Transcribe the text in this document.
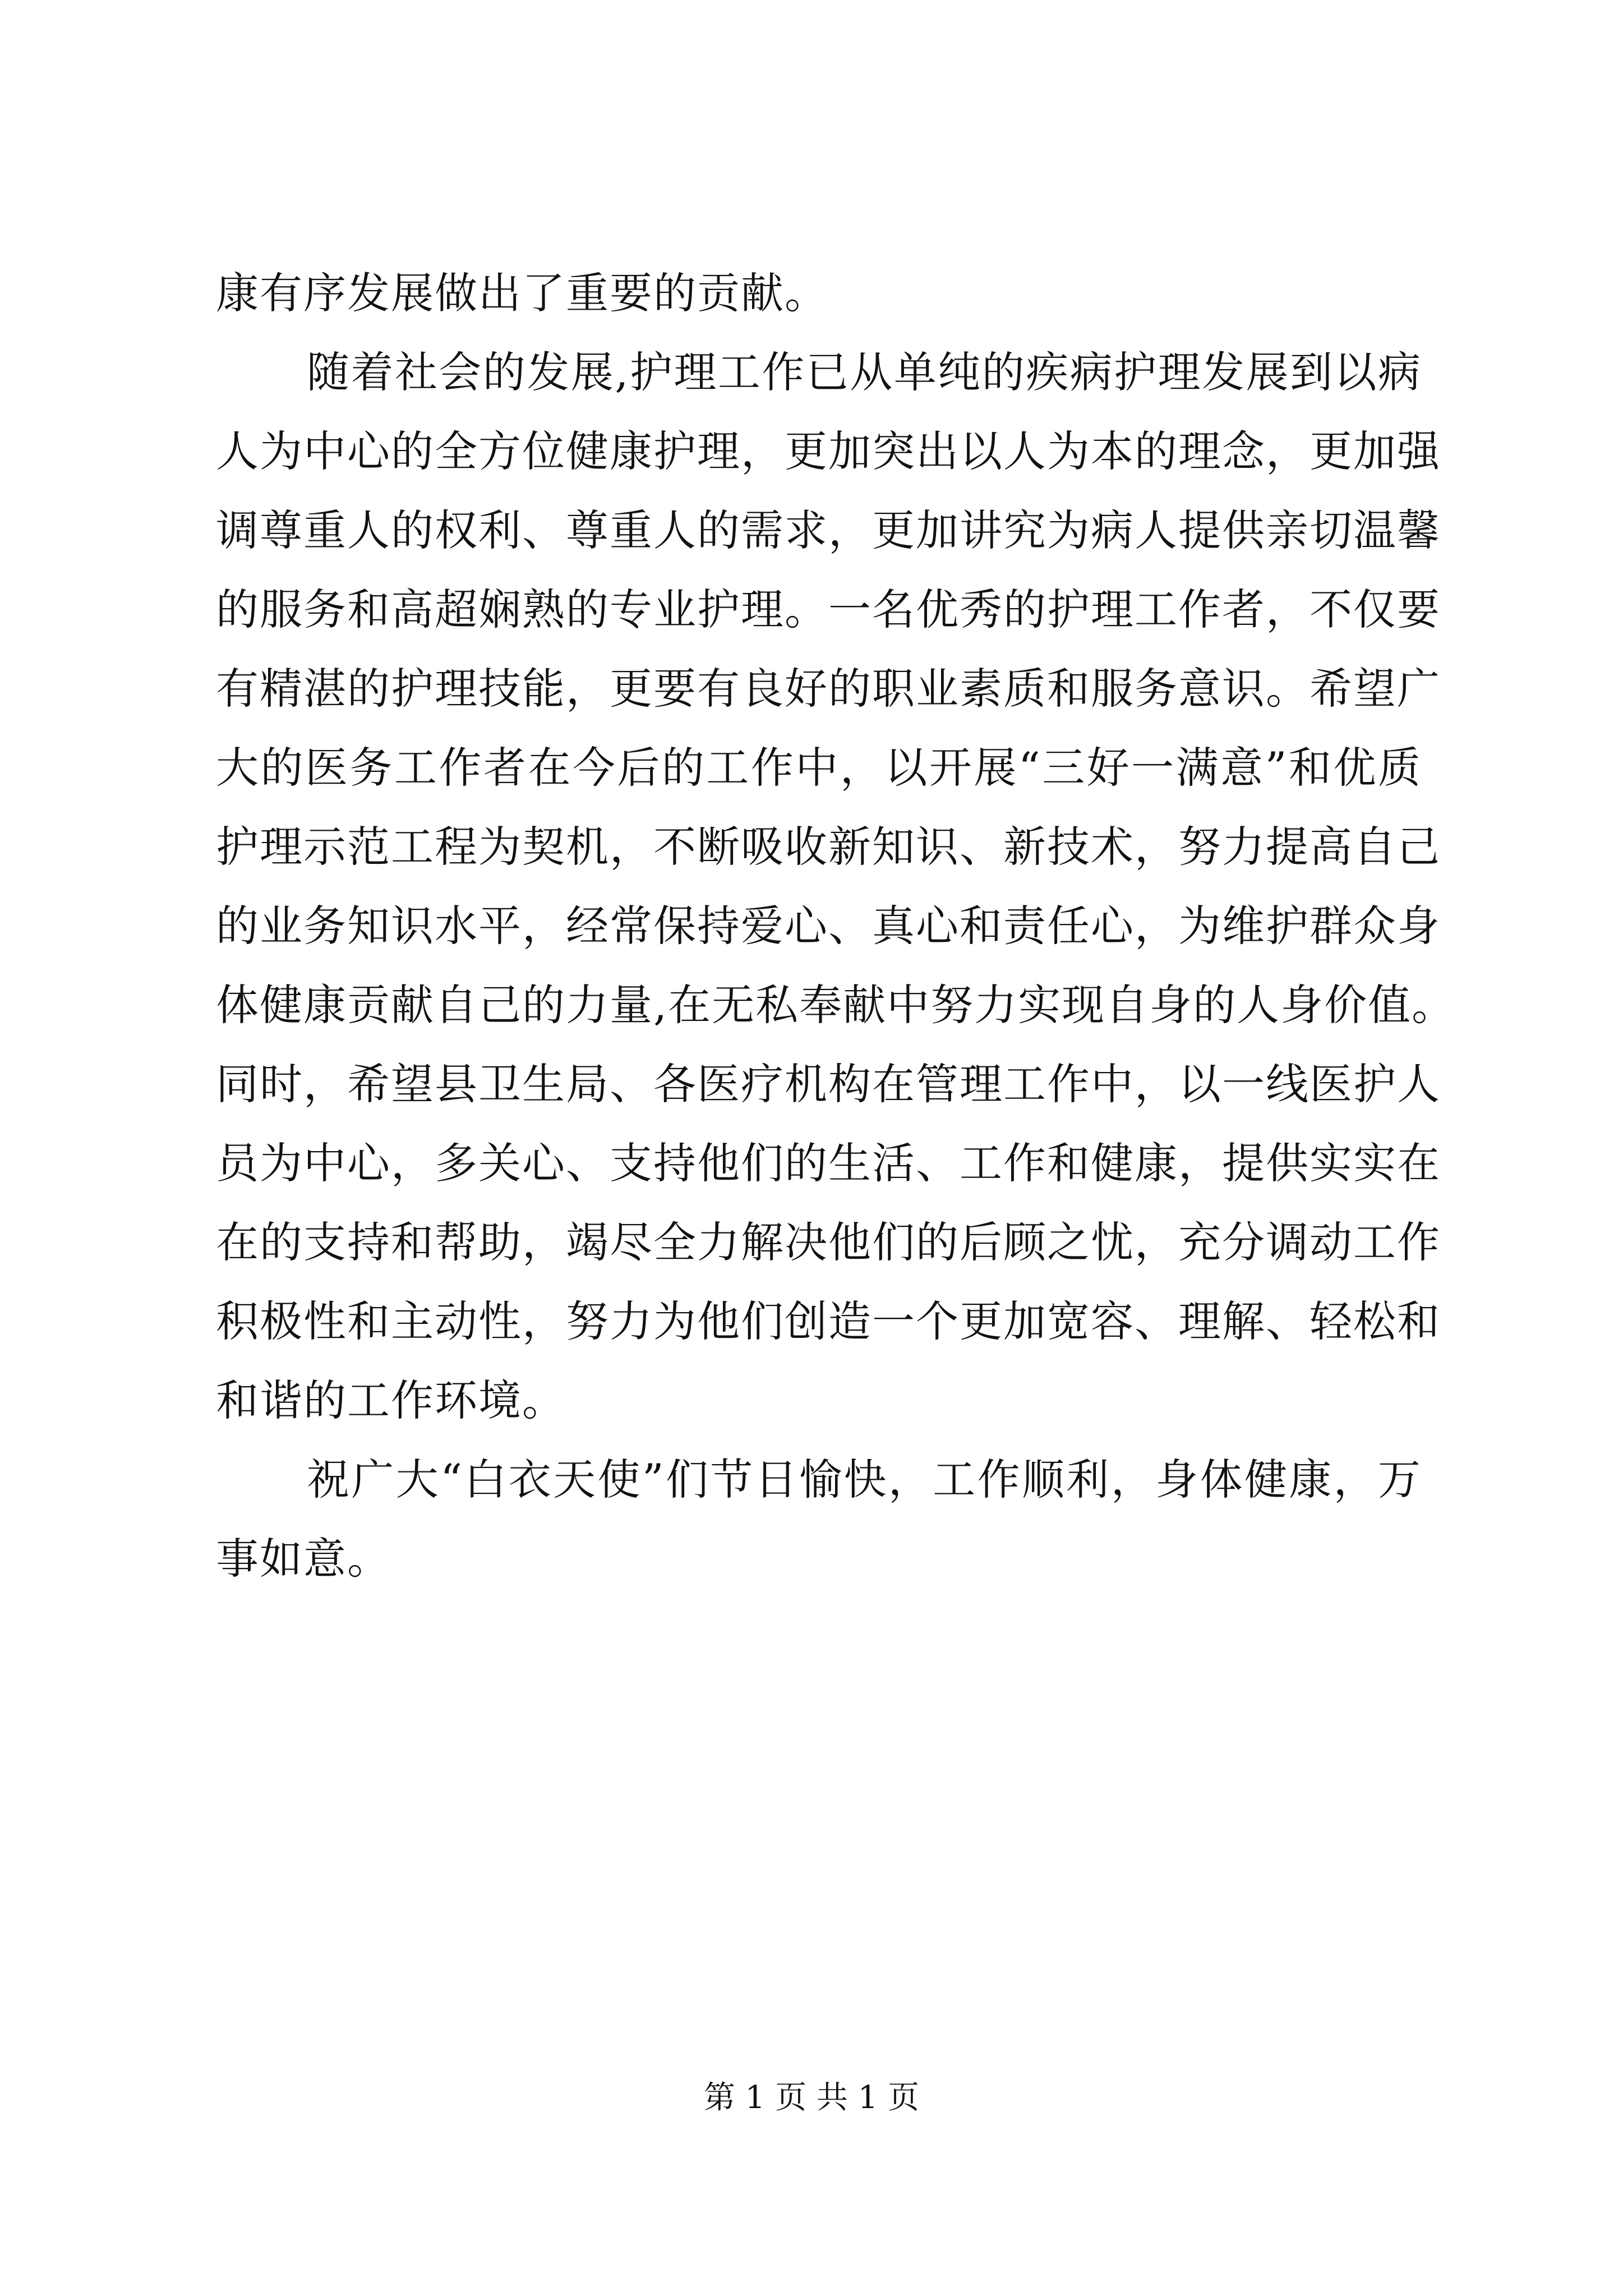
康有序发展做出了重要的贡献。
随着社会的发展,护理工作已从单纯的疾病护理发展到以病
人为中心的全方位健康护理，更加突出以人为本的理念，更加强
调尊重人的权利、尊重人的需求，更加讲究为病人提供亲切温馨
的服务和高超娴熟的专业护理。一名优秀的护理工作者，不仅要
有精湛的护理技能，更要有良好的职业素质和服务意识。希望广
大的医务工作者在今后的工作中，以开展“三好一满意”和优质
护理示范工程为契机，不断吸收新知识、新技术，努力提高自己
的业务知识水平，经常保持爱心、真心和责任心，为维护群众身
体健康贡献自己的力量,在无私奉献中努力实现自身的人身价值。
同时，希望县卫生局、各医疗机构在管理工作中，以一线医护人
员为中心，多关心、支持他们的生活、工作和健康，提供实实在
在的支持和帮助，竭尽全力解决他们的后顾之忧，充分调动工作
积极性和主动性，努力为他们创造一个更加宽容、理解、轻松和
和谐的工作环境。
祝广大“白衣天使”们节日愉快，工作顺利，身体健康，万
事如意。
第 1 页 共 1 页
